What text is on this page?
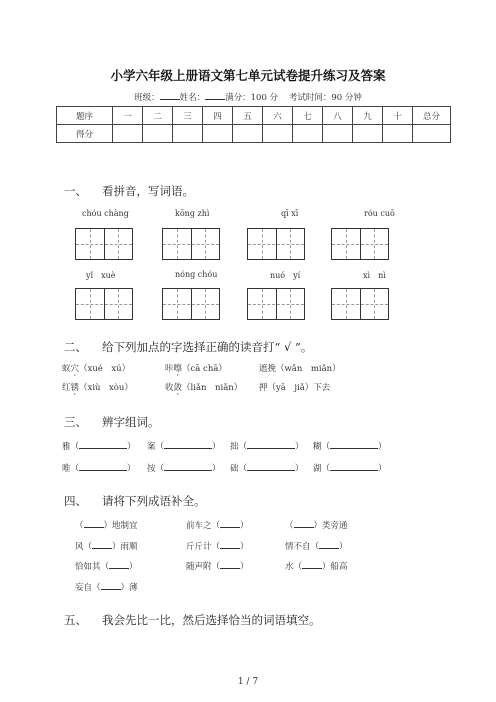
小学六年级上册语文第七单元试卷提升练习及答案
班级： 姓名： 满分：100 分 考试时间：90 分钟
题序	一	二	三	四	五	六	七	八	九	十	总分
得分											
一、 看拼音，写词语。
chóu chàng	kōng zhì	qī xī	róu cuō
yǐ　xuè	nóng chóu	nuó　yí	xì　nì
二、 给下列加点的字选择正确的读音打“ √ ”。
蚁穴（xué　xú）	咔嚓（cā chā）	遮挽（wǎn　miǎn）
红锈（xiù　xòu）	收敛（liǎn　niǎn） 押（yā　jiǎ）下去
三、 辨字组词。
雅（	） 案（	） 拙（	） 糊（	）
唯（	） 按（	） 础（	） 湖（	）
四、 请将下列成语补全。
（ ）地制宜	前车之（ ）	（ ）类旁通
风（ ）雨顺	斤斤计（ ）	情不自（ ）
恰如其（ ）	随声附（ ）	水（ ）船高
妄自（ ）薄
五、 我会先比一比，然后选择恰当的词语填空。
1 / 7
